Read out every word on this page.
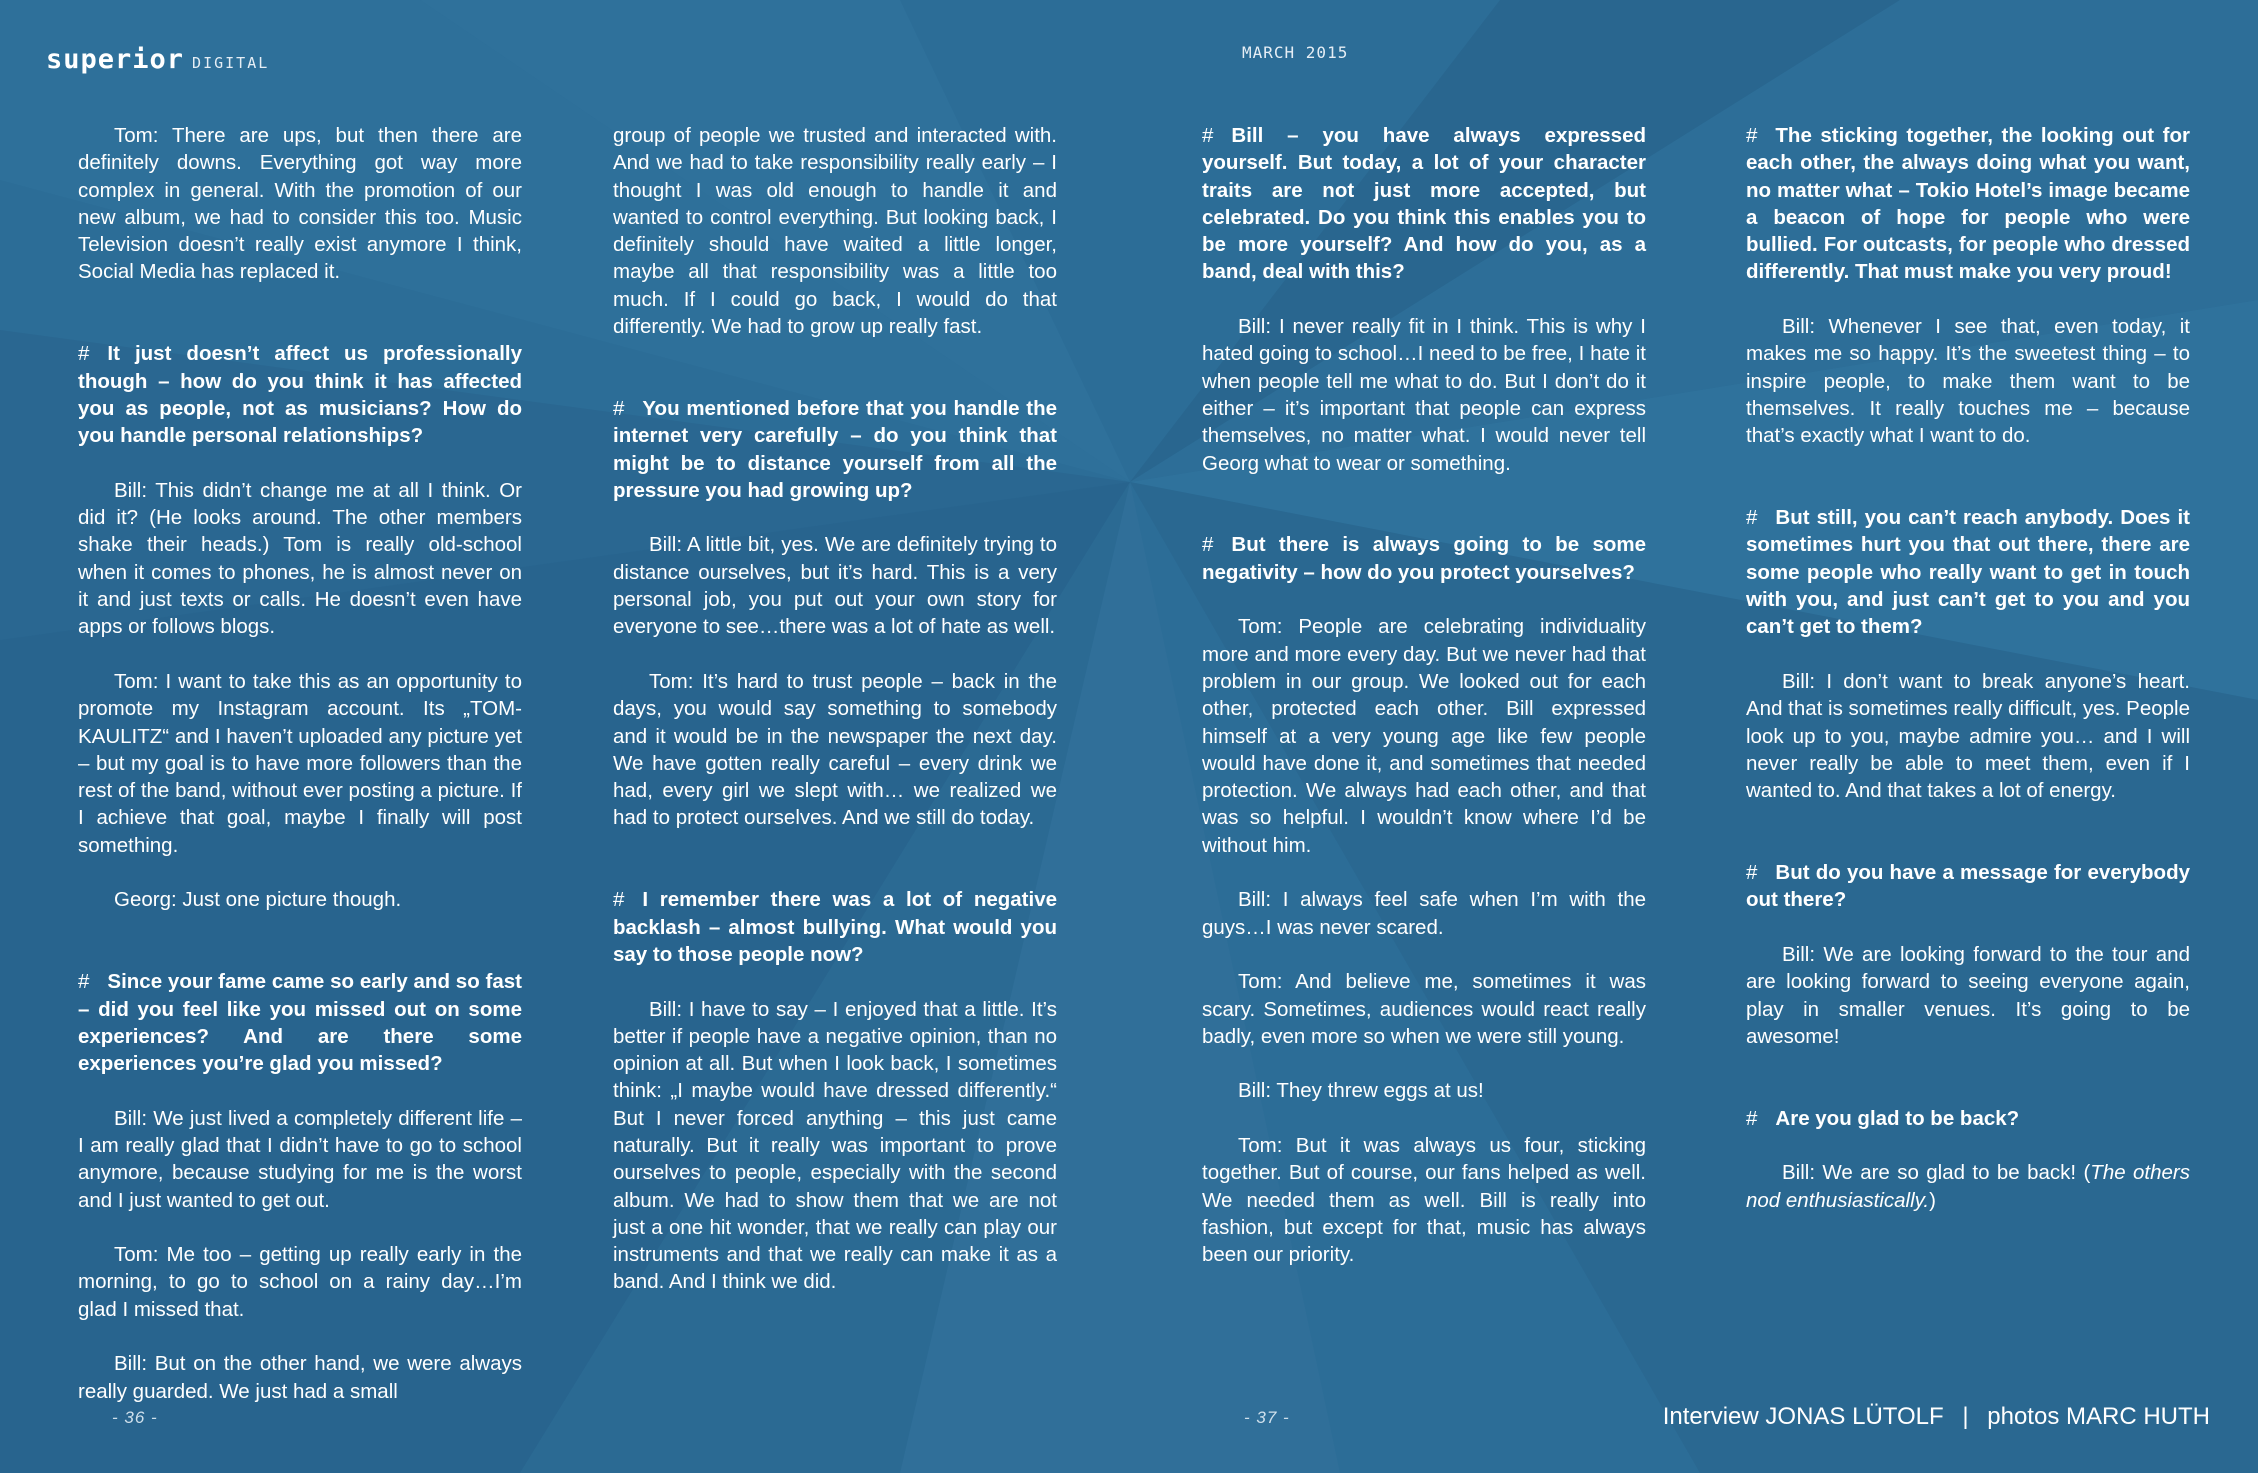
superior DIGITAL
MARCH 2015

Tom: There are ups, but then there are definitely downs. Everything got way more complex in general. With the promotion of our new album, we had to consider this too. Music Television doesn’t really exist anymore I think, Social Media has replaced it.

# It just doesn’t affect us professionally though – how do you think it has affected you as people, not as musicians? How do you handle personal relationships?

Bill: This didn’t change me at all I think. Or did it? (He looks around. The other members shake their heads.) Tom is really old-school when it comes to phones, he is almost never on it and just texts or calls. He doesn’t even have apps or follows blogs.

Tom: I want to take this as an opportunity to promote my Instagram account. Its „TOM-KAULITZ“ and I haven’t uploaded any picture yet – but my goal is to have more followers than the rest of the band, without ever posting a picture. If I achieve that goal, maybe I finally will post something.

Georg: Just one picture though.

# Since your fame came so early and so fast – did you feel like you missed out on some experiences? And are there some experiences you’re glad you missed?

Bill: We just lived a completely different life – I am really glad that I didn’t have to go to school anymore, because studying for me is the worst and I just wanted to get out.

Tom: Me too – getting up really early in the morning, to go to school on a rainy day…I’m glad I missed that.

Bill: But on the other hand, we were always really guarded. We just had a small

group of people we trusted and interacted with. And we had to take responsibility really early – I thought I was old enough to handle it and wanted to control everything. But looking back, I definitely should have waited a little longer, maybe all that responsibility was a little too much. If I could go back, I would do that differently. We had to grow up really fast.

# You mentioned before that you handle the internet very carefully – do you think that might be to distance yourself from all the pressure you had growing up?

Bill: A little bit, yes. We are definitely trying to distance ourselves, but it’s hard. This is a very personal job, you put out your own story for everyone to see…there was a lot of hate as well.

Tom: It’s hard to trust people – back in the days, you would say something to somebody and it would be in the newspaper the next day. We have gotten really careful – every drink we had, every girl we slept with… we realized we had to protect ourselves. And we still do today.

# I remember there was a lot of negative backlash – almost bullying. What would you say to those people now?

Bill: I have to say – I enjoyed that a little. It’s better if people have a negative opinion, than no opinion at all. But when I look back, I sometimes think: „I maybe would have dressed differently.“ But I never forced anything – this just came naturally. But it really was important to prove ourselves to people, especially with the second album. We had to show them that we are not just a one hit wonder, that we really can play our instruments and that we really can make it as a band. And I think we did.

# Bill – you have always expressed yourself. But today, a lot of your character traits are not just more accepted, but celebrated. Do you think this enables you to be more yourself? And how do you, as a band, deal with this?

Bill: I never really fit in I think. This is why I hated going to school…I need to be free, I hate it when people tell me what to do. But I don’t do it either – it’s important that people can express themselves, no matter what. I would never tell Georg what to wear or something.

# But there is always going to be some negativity – how do you protect yourselves?

Tom: People are celebrating individuality more and more every day. But we never had that problem in our group. We looked out for each other, protected each other. Bill expressed himself at a very young age like few people would have done it, and sometimes that needed protection. We always had each other, and that was so helpful. I wouldn’t know where I’d be without him.

Bill: I always feel safe when I’m with the guys…I was never scared.

Tom: And believe me, sometimes it was scary. Sometimes, audiences would react really badly, even more so when we were still young.

Bill: They threw eggs at us!

Tom: But it was always us four, sticking together. But of course, our fans helped as well. We needed them as well. Bill is really into fashion, but except for that, music has always been our priority.

# The sticking together, the looking out for each other, the always doing what you want, no matter what – Tokio Hotel’s image became a beacon of hope for people who were bullied. For outcasts, for people who dressed differently. That must make you very proud!

Bill: Whenever I see that, even today, it makes me so happy. It’s the sweetest thing – to inspire people, to make them want to be themselves. It really touches me – because that’s exactly what I want to do.

# But still, you can’t reach anybody. Does it sometimes hurt you that out there, there are some people who really want to get in touch with you, and just can’t get to you and you can’t get to them?

Bill: I don’t want to break anyone’s heart. And that is sometimes really difficult, yes. People look up to you, maybe admire you… and I will never really be able to meet them, even if I wanted to. And that takes a lot of energy.

# But do you have a message for everybody out there?

Bill: We are looking forward to the tour and are looking forward to seeing everyone again, play in smaller venues. It’s going to be awesome!

# Are you glad to be back?

Bill: We are so glad to be back! (The others nod enthusiastically.)

- 36 -	- 37 -	Interview JONAS LÜTOLF | photos MARC HUTH
